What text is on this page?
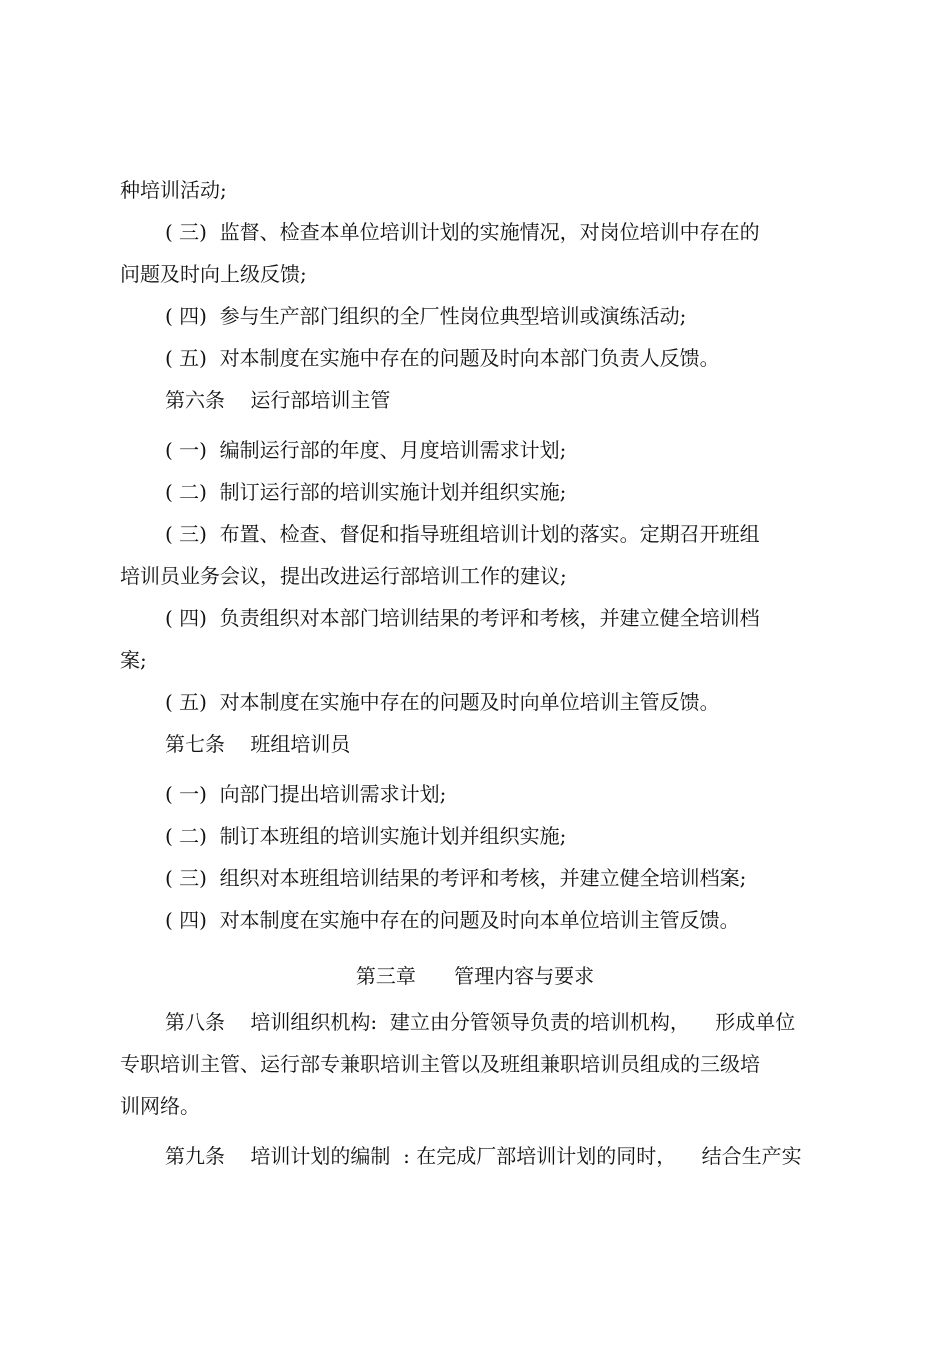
种培训活动;

( 三)  监督、检查本单位培训计划的实施情况，对岗位培训中存在的

问题及时向上级反馈;

( 四)  参与生产部门组织的全厂性岗位典型培训或演练活动;

( 五)  对本制度在实施中存在的问题及时向本部门负责人反馈。

第六条    运行部培训主管

( 一)  编制运行部的年度、月度培训需求计划;

( 二)  制订运行部的培训实施计划并组织实施;

( 三)  布置、检查、督促和指导班组培训计划的落实。定期召开班组

培训员业务会议，提出改进运行部培训工作的建议;

( 四)  负责组织对本部门培训结果的考评和考核，并建立健全培训档

案;

( 五)  对本制度在实施中存在的问题及时向单位培训主管反馈。

第七条    班组培训员

( 一)  向部门提出培训需求计划;

( 二)  制订本班组的培训实施计划并组织实施;

( 三)  组织对本班组培训结果的考评和考核，并建立健全培训档案;

( 四)  对本制度在实施中存在的问题及时向本单位培训主管反馈。

第三章      管理内容与要求

第八条    培训组织机构:  建立由分管领导负责的培训机构，    形成单位

专职培训主管、运行部专兼职培训主管以及班组兼职培训员组成的三级培

训网络。

第九条    培训计划的编制  : 在完成厂部培训计划的同时，    结合生产实
